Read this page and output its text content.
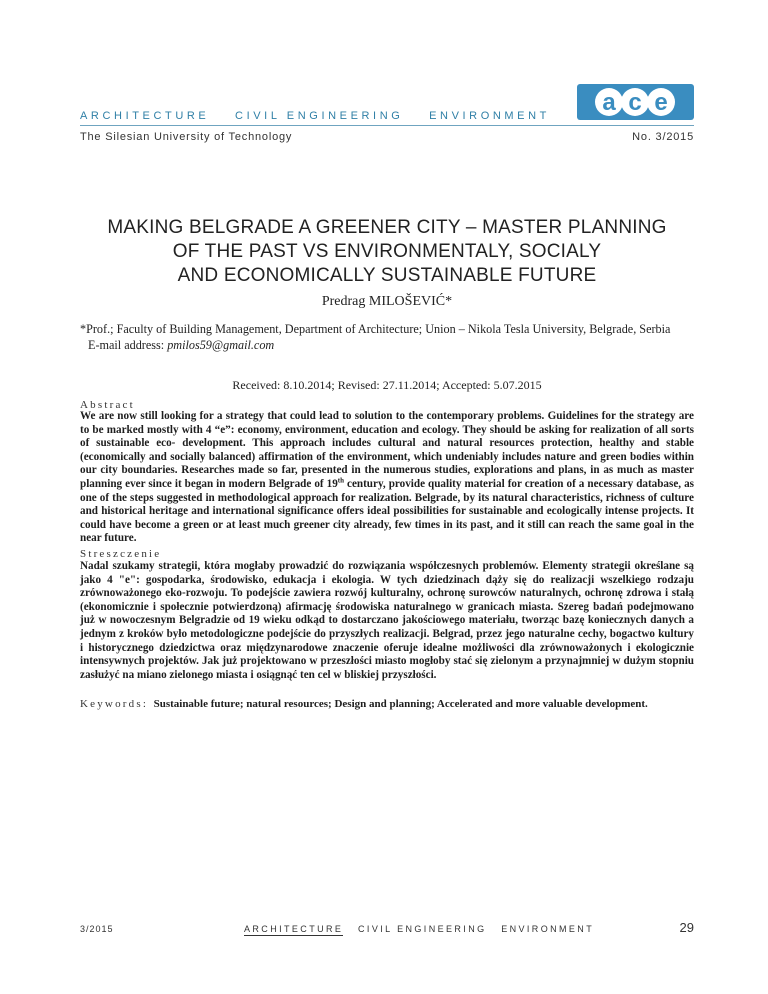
ARCHITECTURE CIVIL ENGINEERING ENVIRONMENT a c e
The Silesian University of Technology	No. 3/2015
MAKING BELGRADE A GREENER CITY – MASTER PLANNING
OF THE PAST VS ENVIRONMENTALY, SOCIALY
AND ECONOMICALLY SUSTAINABLE FUTURE
Predrag MILOŠEVIĆ*
*Prof.; Faculty of Building Management, Department of Architecture; Union – Nikola Tesla University, Belgrade, Serbia
E-mail address: pmilos59@gmail.com
Received: 8.10.2014; Revised: 27.11.2014; Accepted: 5.07.2015
Abstract
We are now still looking for a strategy that could lead to solution to the contemporary problems. Guidelines for the strategy are to be marked mostly with 4 “e”: economy, environment, education and ecology. They should be asking for realization of all sorts of sustainable eco- development. This approach includes cultural and natural resources protection, healthy and stable (economically and socially balanced) affirmation of the environment, which undeniably includes nature and green bodies within our city boundaries. Researches made so far, presented in the numerous studies, explorations and plans, in as much as master planning ever since it began in modern Belgrade of 19th century, provide quality material for creation of a necessary database, as one of the steps suggested in methodological approach for realization. Belgrade, by its natural characteristics, richness of culture and historical heritage and international significance offers ideal possibilities for sustainable and ecologically intense projects. It could have become a green or at least much greener city already, few times in its past, and it still can reach the same goal in the near future.
Streszczenie
Nadal szukamy strategii, która mogłaby prowadzić do rozwiązania współczesnych problemów. Elementy strategii określane są jako 4 "e": gospodarka, środowisko, edukacja i ekologia. W tych dziedzinach dąży się do realizacji wszelkiego rodzaju zrównoważonego eko-rozwoju. To podejście zawiera rozwój kulturalny, ochronę surowców naturalnych, ochronę zdrowa i stałą (ekonomicznie i społecznie potwierdzoną) afirmację środowiska naturalnego w granicach miasta. Szereg badań podejmowano już w nowoczesnym Belgradzie od 19 wieku odkąd to dostarczano jakościowego materiału, tworząc bazę koniecznych danych a jednym z kroków było metodologiczne podejście do przyszłych realizacji. Belgrad, przez jego naturalne cechy, bogactwo kultury i historycznego dziedzictwa oraz międzynarodowe znaczenie oferuje idealne możliwości dla zrównoważonych i ekologicznie intensywnych projektów. Jak już projektowano w przeszłości miasto mogłoby stać się zielonym a przynajmniej w dużym stopniu zasłużyć na miano zielonego miasta i osiągnąć ten cel w bliskiej przyszłości.
Keywords: Sustainable future; natural resources; Design and planning; Accelerated and more valuable development.
3/2015	ARCHITECTURE CIVIL ENGINEERING ENVIRONMENT	29
